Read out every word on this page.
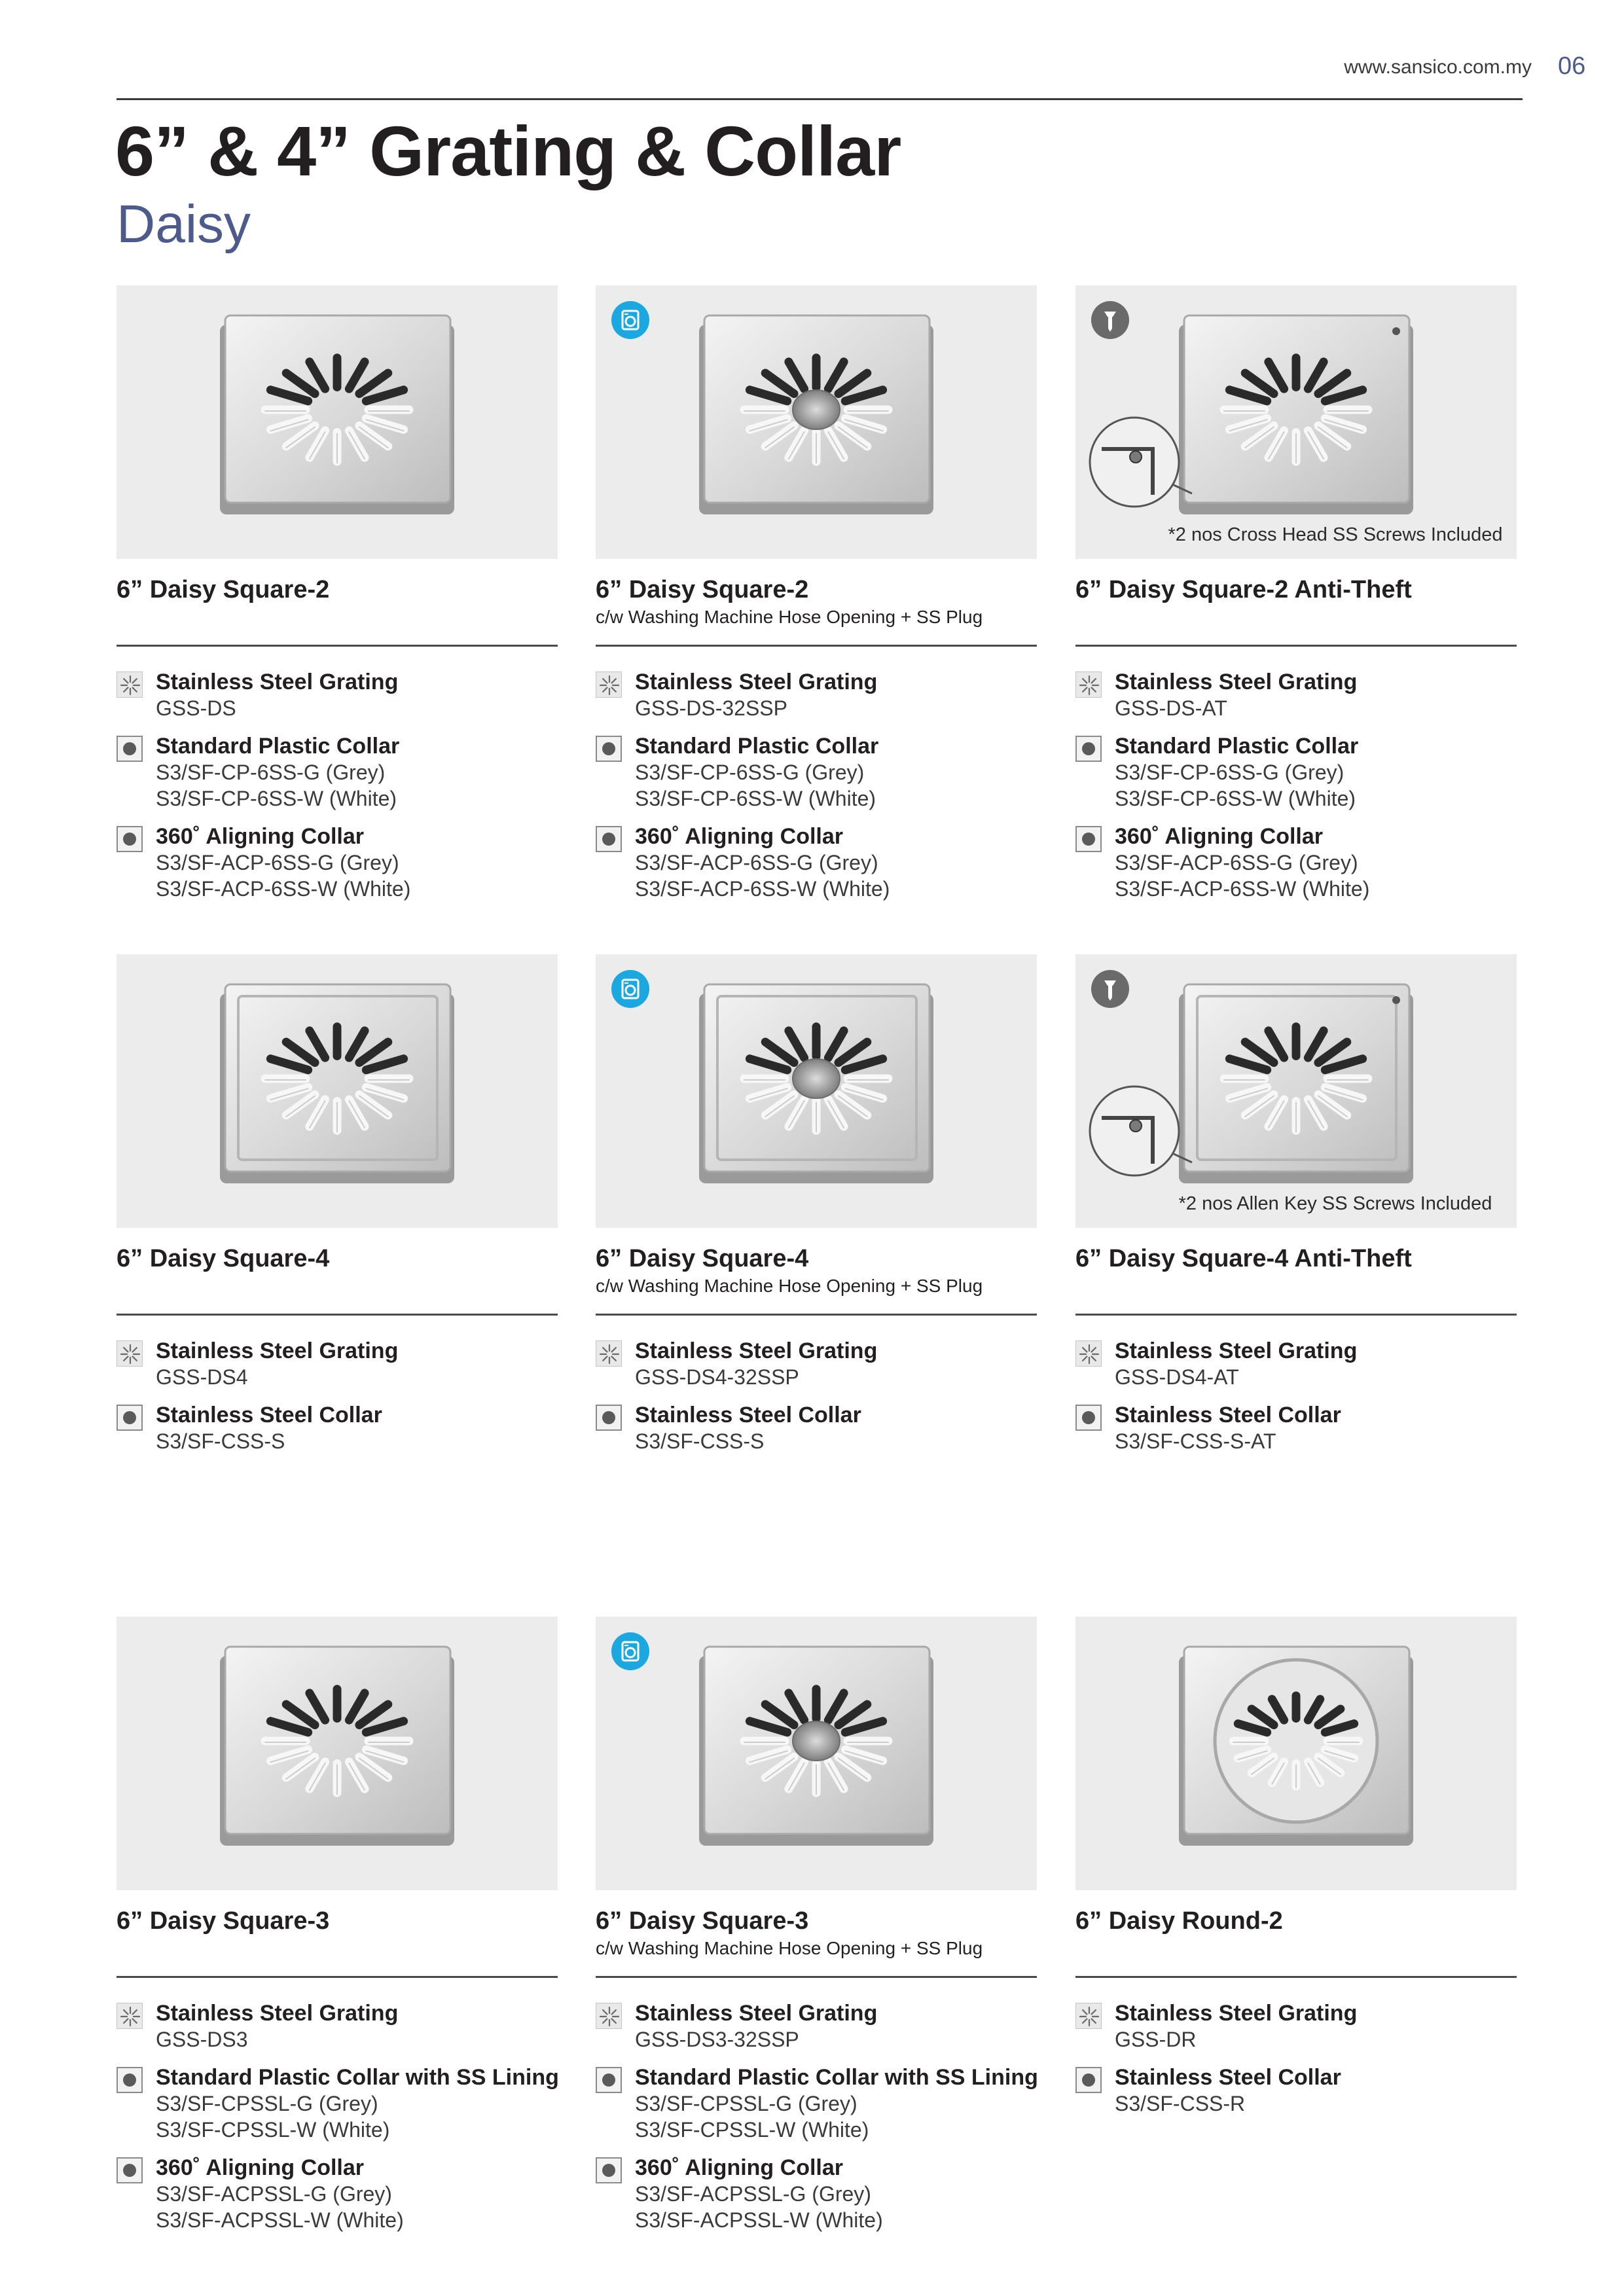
www.sansico.com.my 06
6” & 4” Grating & Collar
Daisy
6” Daisy Square-2
Stainless Steel Grating
GSS-DS
Standard Plastic Collar
S3/SF-CP-6SS-G (Grey)
S3/SF-CP-6SS-W (White)
360˚ Aligning Collar
S3/SF-ACP-6SS-G (Grey)
S3/SF-ACP-6SS-W (White)
6” Daisy Square-2
c/w Washing Machine Hose Opening + SS Plug
Stainless Steel Grating
GSS-DS-32SSP
Standard Plastic Collar
S3/SF-CP-6SS-G (Grey)
S3/SF-CP-6SS-W (White)
360˚ Aligning Collar
S3/SF-ACP-6SS-G (Grey)
S3/SF-ACP-6SS-W (White)
*2 nos Cross Head SS Screws Included
6” Daisy Square-2 Anti-Theft
Stainless Steel Grating
GSS-DS-AT
Standard Plastic Collar
S3/SF-CP-6SS-G (Grey)
S3/SF-CP-6SS-W (White)
360˚ Aligning Collar
S3/SF-ACP-6SS-G (Grey)
S3/SF-ACP-6SS-W (White)
6” Daisy Square-4
Stainless Steel Grating
GSS-DS4
Stainless Steel Collar
S3/SF-CSS-S
6” Daisy Square-4
c/w Washing Machine Hose Opening + SS Plug
Stainless Steel Grating
GSS-DS4-32SSP
Stainless Steel Collar
S3/SF-CSS-S
*2 nos Allen Key SS Screws Included
6” Daisy Square-4 Anti-Theft
Stainless Steel Grating
GSS-DS4-AT
Stainless Steel Collar
S3/SF-CSS-S-AT
6” Daisy Square-3
Stainless Steel Grating
GSS-DS3
Standard Plastic Collar with SS Lining
S3/SF-CPSSL-G (Grey)
S3/SF-CPSSL-W (White)
360˚ Aligning Collar
S3/SF-ACPSSL-G (Grey)
S3/SF-ACPSSL-W (White)
6” Daisy Square-3
c/w Washing Machine Hose Opening + SS Plug
Stainless Steel Grating
GSS-DS3-32SSP
Standard Plastic Collar with SS Lining
S3/SF-CPSSL-G (Grey)
S3/SF-CPSSL-W (White)
360˚ Aligning Collar
S3/SF-ACPSSL-G (Grey)
S3/SF-ACPSSL-W (White)
6” Daisy Round-2
Stainless Steel Grating
GSS-DR
Stainless Steel Collar
S3/SF-CSS-R
